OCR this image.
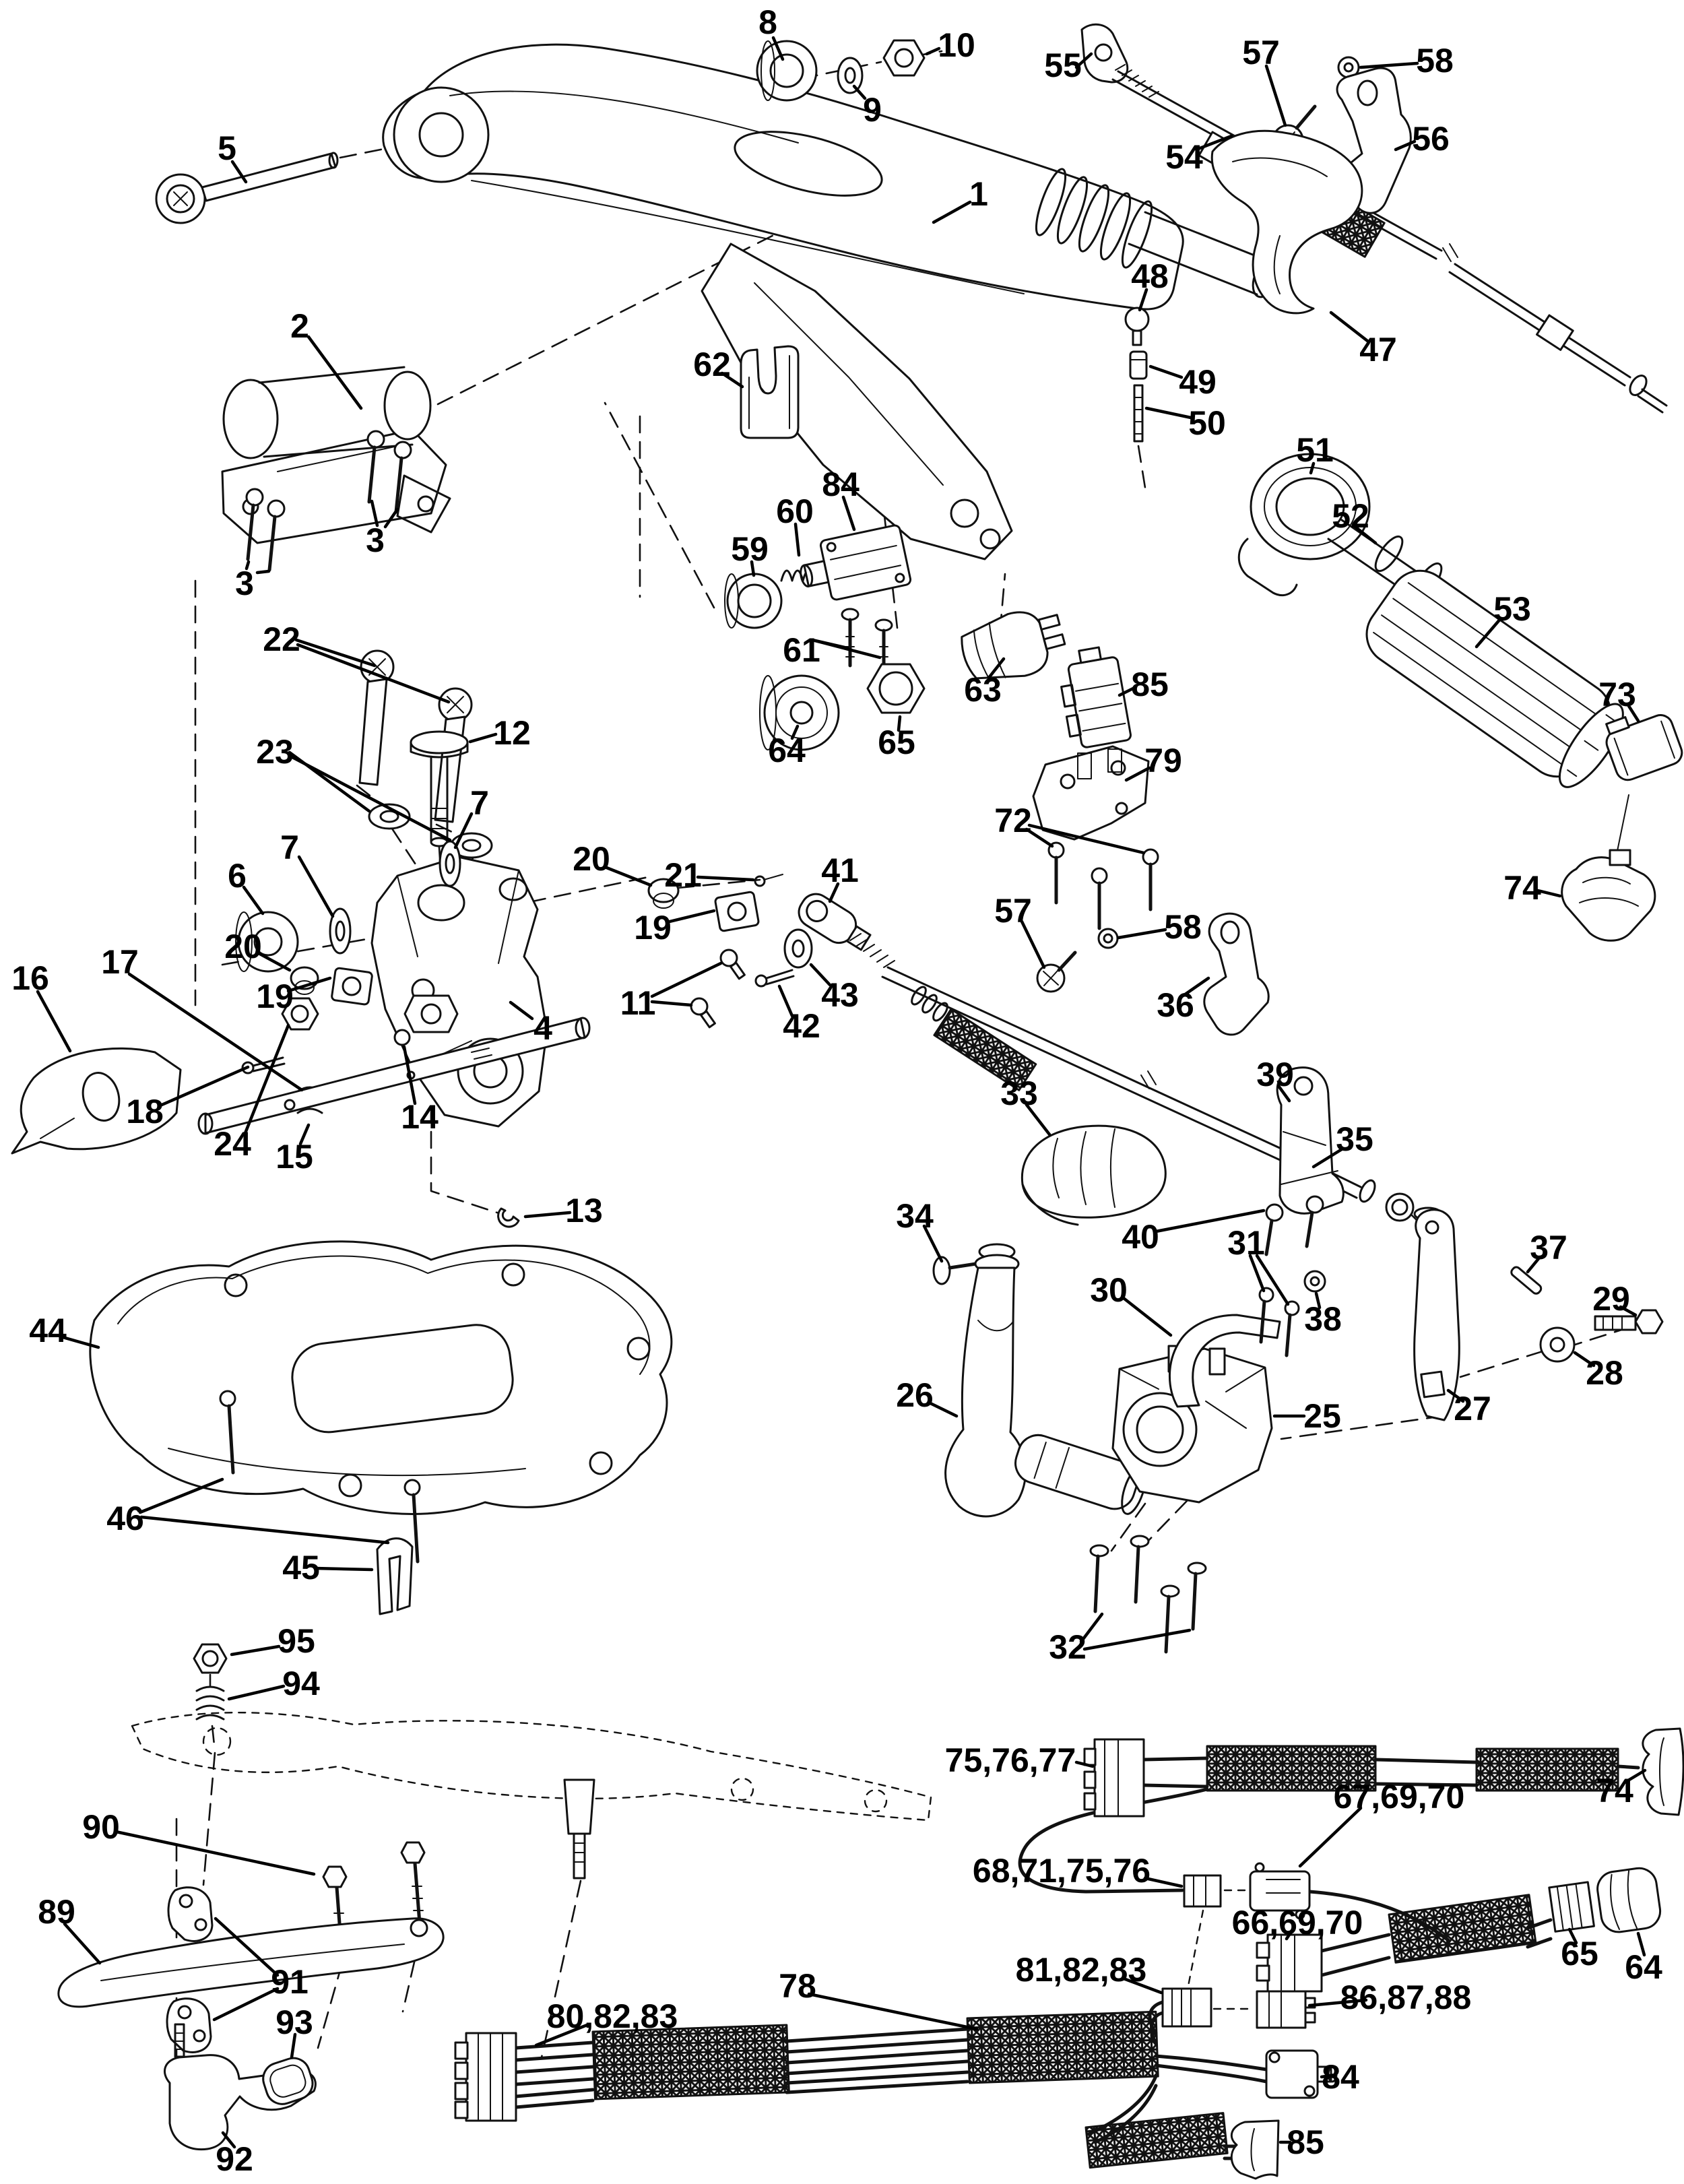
8
10
9
55	57	58
56
54
5
1
2
48
47
62	49
50
51
84
60	52
3	59
3
53
22	61
63	73
85
64 65
23	12
79
7	72
7	20
6	41
21	74
57
19	58
20
11	43
19	36
4	42
33	39
16 17
18
35
14
24 15
13	34
40 31	37
30	29
38
44
28
26	27
25
46
45
32
95
94
90
89
75,76,77
74
67,69,70
68,71,75,76
66,69,70
65 64
91	81,82,83
78	86,87,88
80,82,83
93
84
85
92
